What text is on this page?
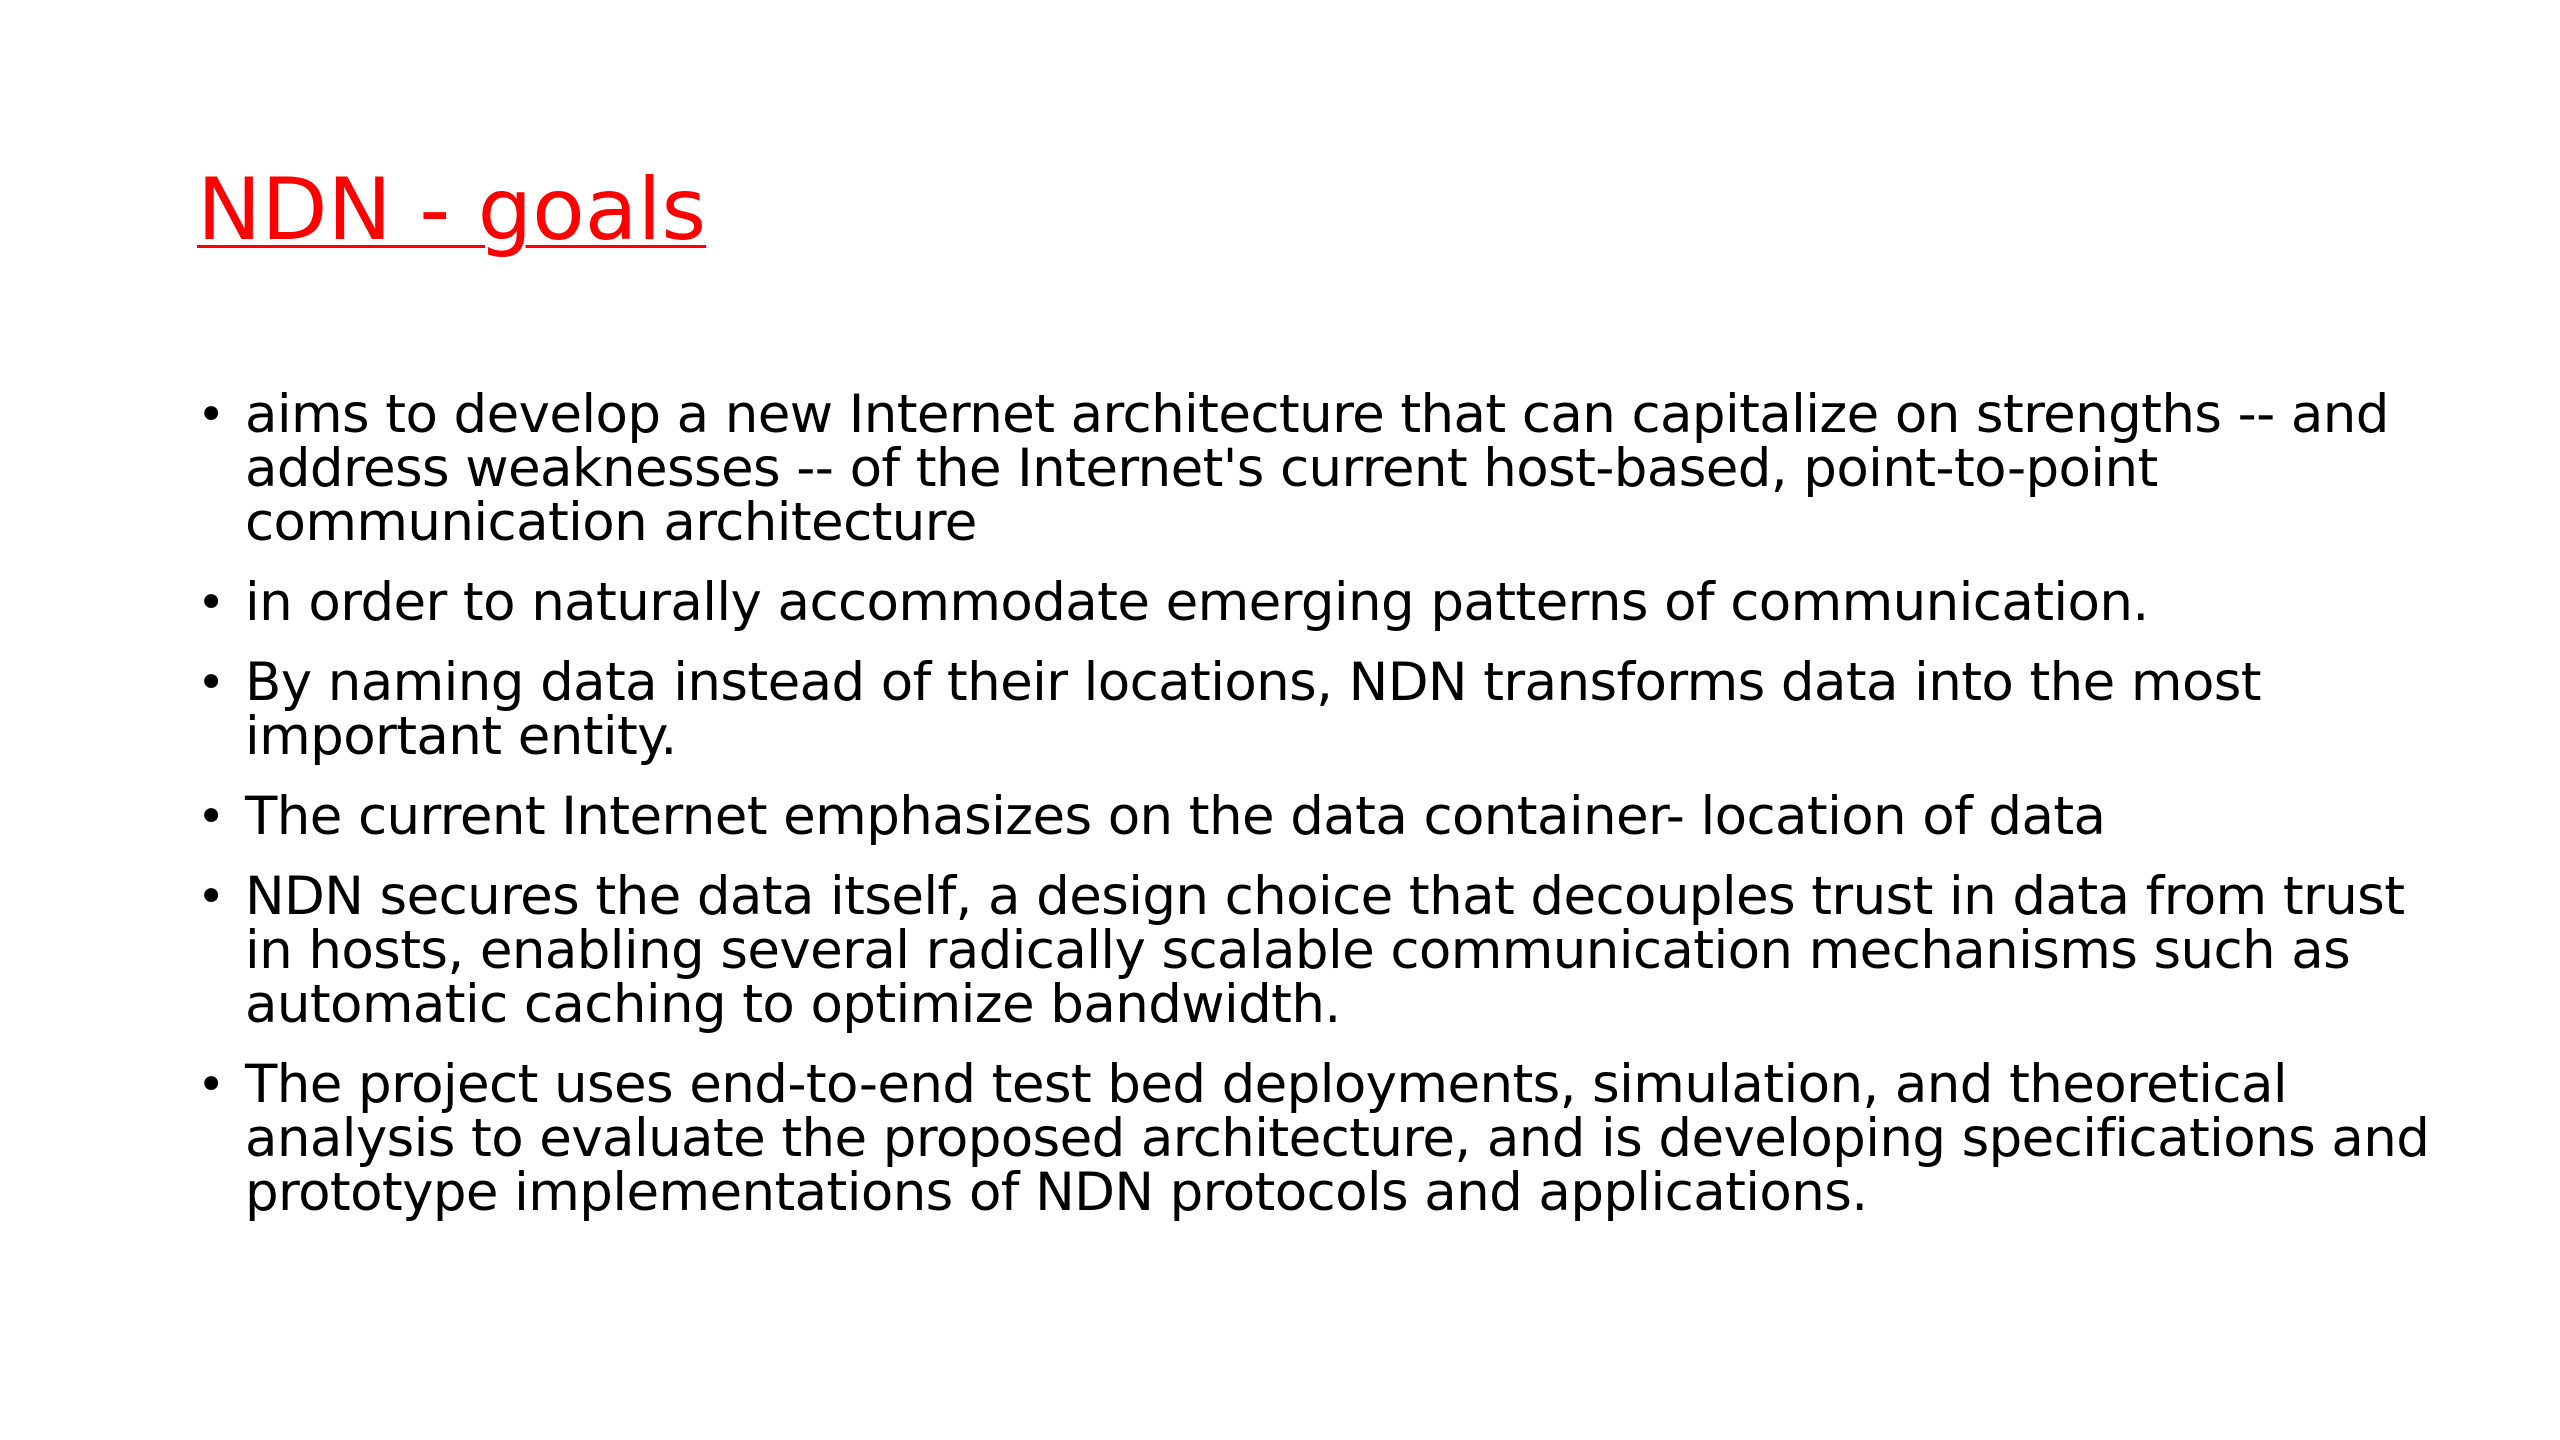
NDN - goals
• aims to develop a new Internet architecture that can capitalize on strengths -- and address weaknesses -- of the Internet's current host-based, point-to-point communication architecture
• in order to naturally accommodate emerging patterns of communication.
• By naming data instead of their locations, NDN transforms data into the most important entity.
• The current Internet emphasizes on the data container- location of data
• NDN secures the data itself, a design choice that decouples trust in data from trust in hosts, enabling several radically scalable communication mechanisms such as automatic caching to optimize bandwidth.
• The project uses end-to-end test bed deployments, simulation, and theoretical analysis to evaluate the proposed architecture, and is developing specifications and prototype implementations of NDN protocols and applications.
